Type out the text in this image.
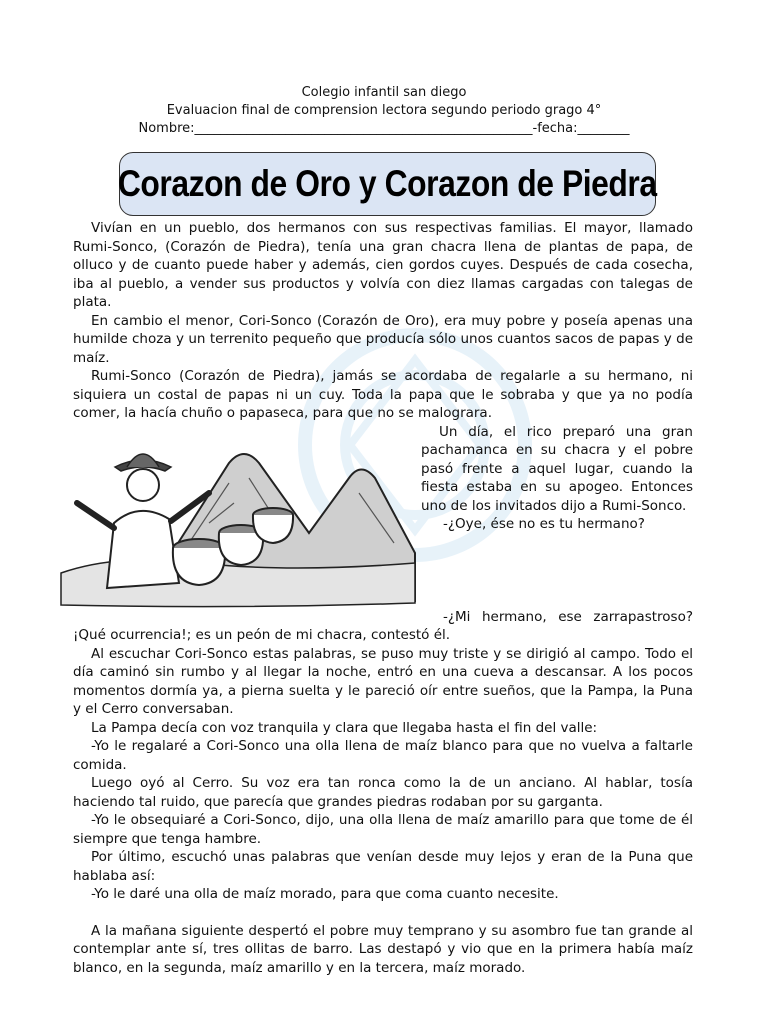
Colegio infantil san diego
Evaluacion final de comprension lectora segundo periodo grago 4°
Nombre:____________________________________________________-fecha:________
Corazon de Oro y Corazon de Piedra

Vivían en un pueblo, dos hermanos con sus respectivas familias. El mayor, llamado Rumi-Sonco, (Corazón de Piedra), tenía una gran chacra llena de plantas de papa, de olluco y de cuanto puede haber y además, cien gordos cuyes. Después de cada cosecha, iba al pueblo, a vender sus productos y volvía con diez llamas cargadas con talegas de plata.

En cambio el menor, Cori-Sonco (Corazón de Oro), era muy pobre y poseía apenas una humilde choza y un terrenito pequeño que producía sólo unos cuantos sacos de papas y de maíz.

Rumi-Sonco (Corazón de Piedra), jamás se acordaba de regalarle a su hermano, ni siquiera un costal de papas ni un cuy. Toda la papa que le sobraba y que ya no podía comer, la hacía chuño o papaseca, para que no se malograra.

Un día, el rico preparó una gran pachamanca en su chacra y el pobre pasó frente a aquel lugar, cuando la fiesta estaba en su apogeo. Entonces uno de los invitados dijo a Rumi-Sonco.

-¿Oye, ése no es tu hermano?

-¿Mi hermano, ese zarrapastroso? ¡Qué ocurrencia!; es un peón de mi chacra, contestó él.

Al escuchar Cori-Sonco estas palabras, se puso muy triste y se dirigió al campo. Todo el día caminó sin rumbo y al llegar la noche, entró en una cueva a descansar. A los pocos momentos dormía ya, a pierna suelta y le pareció oír entre sueños, que la Pampa, la Puna y el Cerro conversaban.

La Pampa decía con voz tranquila y clara que llegaba hasta el fin del valle:

-Yo le regalaré a Cori-Sonco una olla llena de maíz blanco para que no vuelva a faltarle comida.

Luego oyó al Cerro. Su voz era tan ronca como la de un anciano. Al hablar, tosía haciendo tal ruido, que parecía que grandes piedras rodaban por su garganta.

-Yo le obsequiaré a Cori-Sonco, dijo, una olla llena de maíz amarillo para que tome de él siempre que tenga hambre.

Por último, escuchó unas palabras que venían desde muy lejos y eran de la Puna que hablaba así:

-Yo le daré una olla de maíz morado, para que coma cuanto necesite.

A la mañana siguiente despertó el pobre muy temprano y su asombro fue tan grande al contemplar ante sí, tres ollitas de barro. Las destapó y vio que en la primera había maíz blanco, en la segunda, maíz amarillo y en la tercera, maíz morado.
